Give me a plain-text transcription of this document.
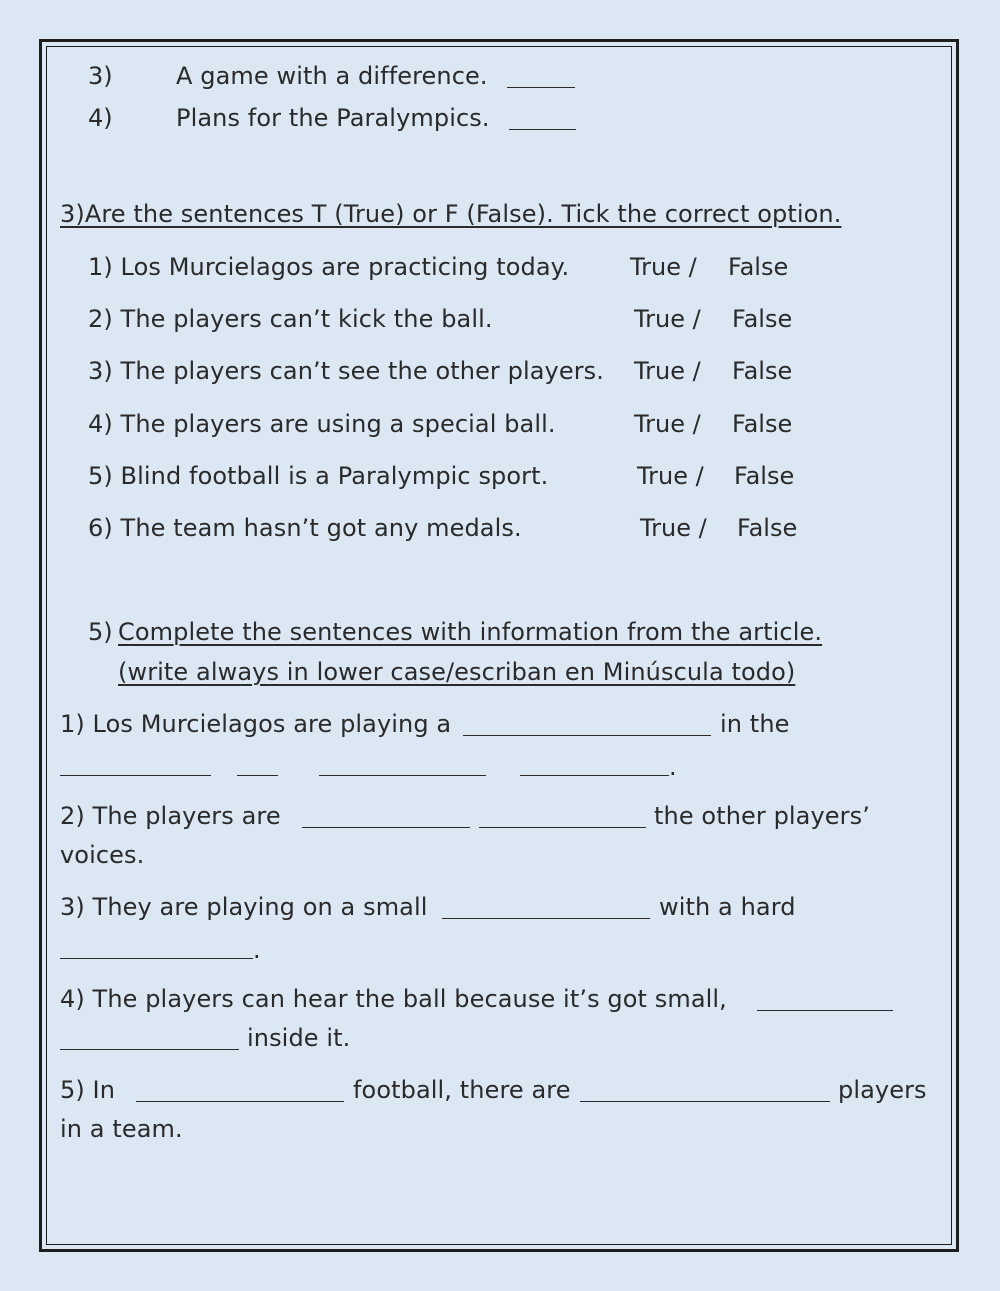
3)	A game with a difference.
4)	Plans for the Paralympics.
3)Are the sentences T (True) or F (False). Tick the correct option.
1) Los Murcielagos are practicing today.	True / False
2) The players can’t kick the ball.	True / False
3) The players can’t see the other players. True / False
4) The players are using a special ball.	True / False
5) Blind football is a Paralympic sport.	True / False
6) The team hasn’t got any medals.	True / False
5) Complete the sentences with information from the article.
(write always in lower case/escriban en Minúscula todo)
1) Los Murcielagos are playing a	in the
.
2) The players are	the other players’
voices.
3) They are playing on a small	with a hard
.
4) The players can hear the ball because it’s got small,
inside it.
5) In	football, there are	players
in a team.
